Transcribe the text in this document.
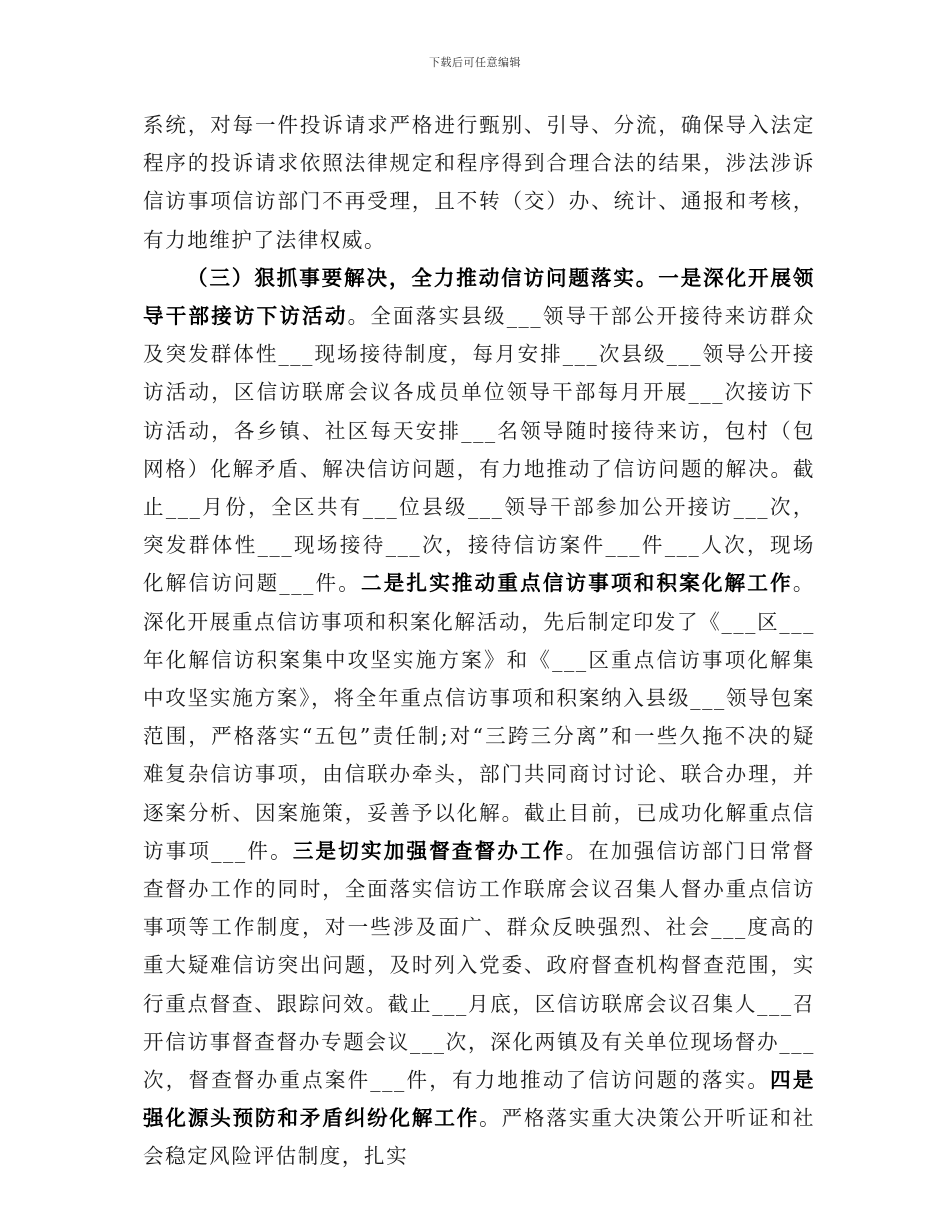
下载后可任意编辑

系统，对每一件投诉请求严格进行甄别、引导、分流，确保导入法定程序的投诉请求依照法律规定和程序得到合理合法的结果，涉法涉诉信访事项信访部门不再受理，且不转（交）办、统计、通报和考核，有力地维护了法律权威。

（三）狠抓事要解决，全力推动信访问题落实。一是深化开展领导干部接访下访活动。全面落实县级___领导干部公开接待来访群众及突发群体性___现场接待制度，每月安排___次县级___领导公开接访活动，区信访联席会议各成员单位领导干部每月开展___次接访下访活动，各乡镇、社区每天安排___名领导随时接待来访，包村（包网格）化解矛盾、解决信访问题，有力地推动了信访问题的解决。截止___月份，全区共有___位县级___领导干部参加公开接访___次，突发群体性___现场接待___次，接待信访案件___件___人次，现场化解信访问题___件。二是扎实推动重点信访事项和积案化解工作。深化开展重点信访事项和积案化解活动，先后制定印发了《___区___年化解信访积案集中攻坚实施方案》和《___区重点信访事项化解集中攻坚实施方案》，将全年重点信访事项和积案纳入县级___领导包案范围，严格落实“五包”责任制;对“三跨三分离”和一些久拖不决的疑难复杂信访事项，由信联办牵头，部门共同商讨讨论、联合办理，并逐案分析、因案施策，妥善予以化解。截止目前，已成功化解重点信访事项___件。三是切实加强督查督办工作。在加强信访部门日常督查督办工作的同时，全面落实信访工作联席会议召集人督办重点信访事项等工作制度，对一些涉及面广、群众反映强烈、社会___度高的重大疑难信访突出问题，及时列入党委、政府督查机构督查范围，实行重点督查、跟踪问效。截止___月底，区信访联席会议召集人___召开信访事督查督办专题会议___次，深化两镇及有关单位现场督办___次，督查督办重点案件___件，有力地推动了信访问题的落实。四是强化源头预防和矛盾纠纷化解工作。严格落实重大决策公开听证和社会稳定风险评估制度，扎实
